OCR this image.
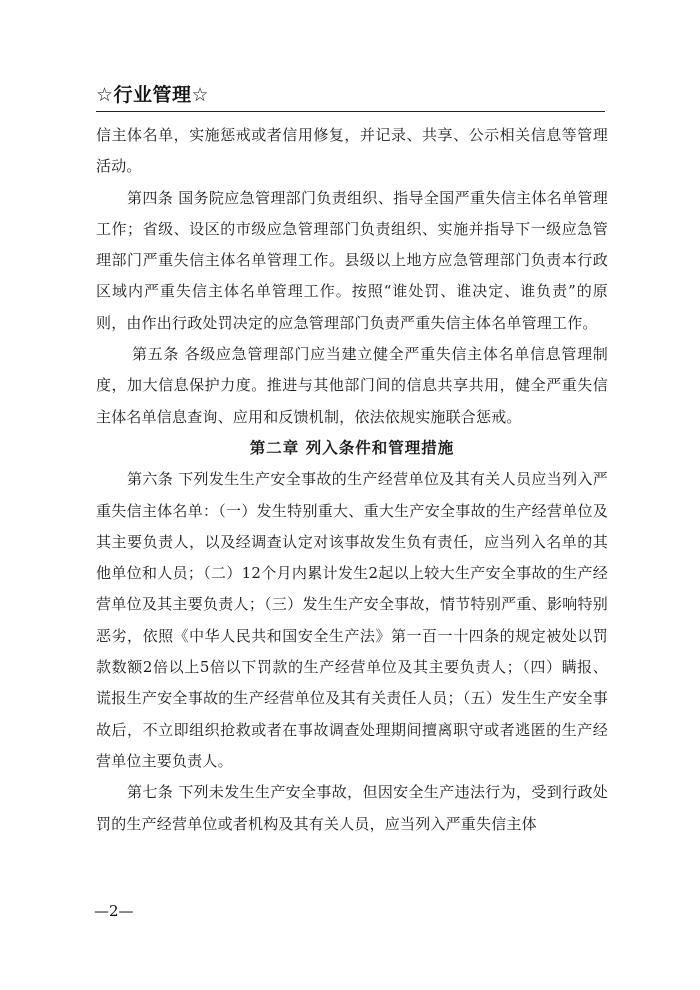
☆行业管理☆

信主体名单，实施惩戒或者信用修复，并记录、共享、公示相关信息等管理活动。

第四条 国务院应急管理部门负责组织、指导全国严重失信主体名单管理工作；省级、设区的市级应急管理部门负责组织、实施并指导下一级应急管理部门严重失信主体名单管理工作。县级以上地方应急管理部门负责本行政区域内严重失信主体名单管理工作。按照“谁处罚、谁决定、谁负责”的原则，由作出行政处罚决定的应急管理部门负责严重失信主体名单管理工作。

第五条 各级应急管理部门应当建立健全严重失信主体名单信息管理制度，加大信息保护力度。推进与其他部门间的信息共享共用，健全严重失信主体名单信息查询、应用和反馈机制，依法依规实施联合惩戒。

第二章 列入条件和管理措施

第六条 下列发生生产安全事故的生产经营单位及其有关人员应当列入严重失信主体名单：（一）发生特别重大、重大生产安全事故的生产经营单位及其主要负责人，以及经调查认定对该事故发生负有责任，应当列入名单的其他单位和人员；（二）12个月内累计发生2起以上较大生产安全事故的生产经营单位及其主要负责人；（三）发生生产安全事故，情节特别严重、影响特别恶劣，依照《中华人民共和国安全生产法》第一百一十四条的规定被处以罚款数额2倍以上5倍以下罚款的生产经营单位及其主要负责人；（四）瞒报、谎报生产安全事故的生产经营单位及其有关责任人员；（五）发生生产安全事故后，不立即组织抢救或者在事故调查处理期间擅离职守或者逃匿的生产经营单位主要负责人。

第七条 下列未发生生产安全事故，但因安全生产违法行为，受到行政处罚的生产经营单位或者机构及其有关人员，应当列入严重失信主体

—2—
